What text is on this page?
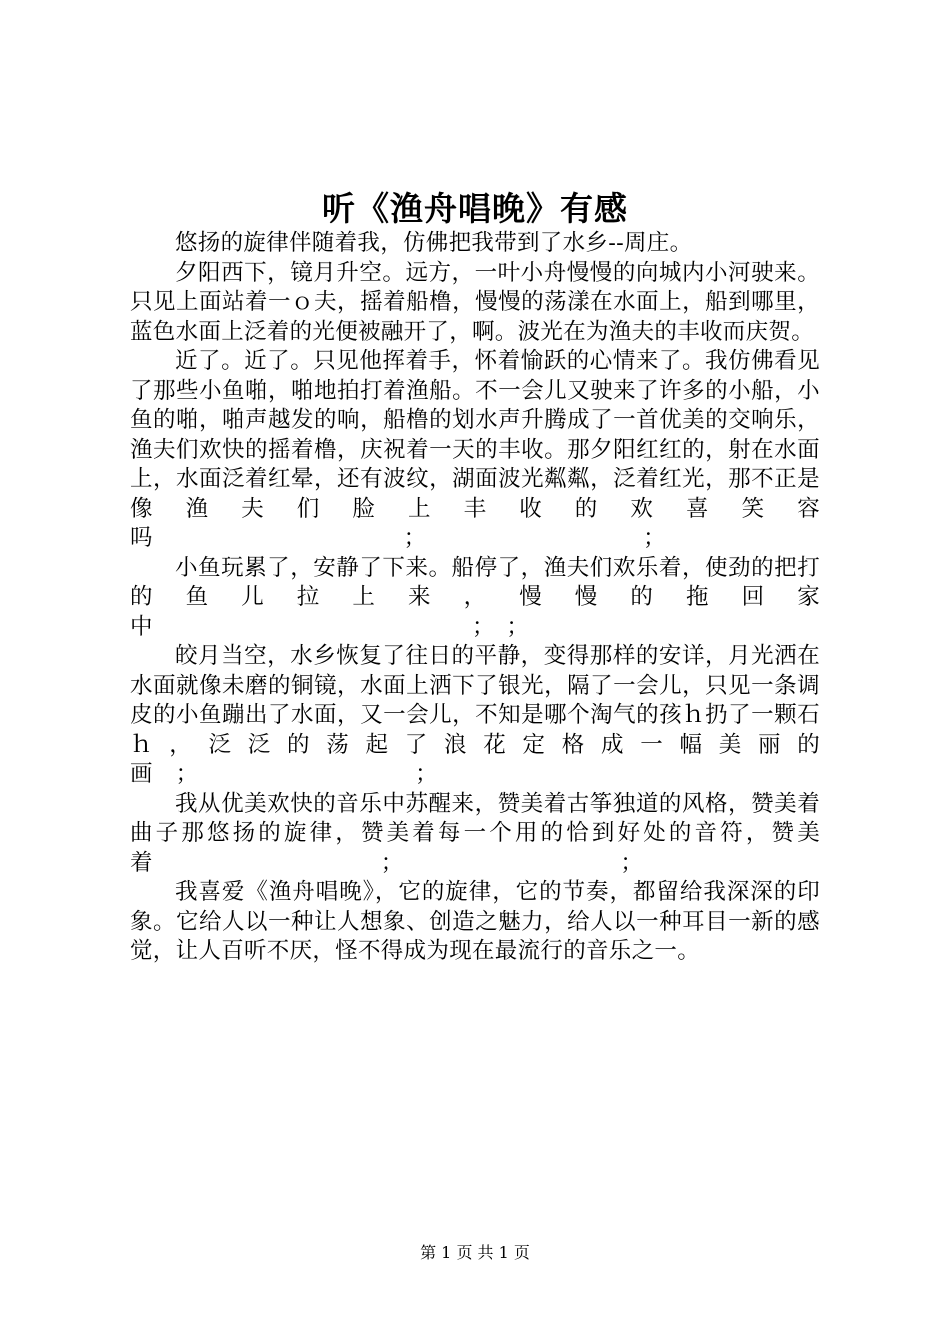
听《渔舟唱晚》有感

悠扬的旋律伴随着我，仿佛把我带到了水乡--周庄。

夕阳西下，镜月升空。远方，一叶小舟慢慢的向城内小河驶来。只见上面站着一ｏ夫，摇着船橹，慢慢的荡漾在水面上，船到哪里，蓝色水面上泛着的光便被融开了，啊。波光在为渔夫的丰收而庆贺。

近了。近了。只见他挥着手，怀着愉跃的心情来了。我仿佛看见了那些小鱼啪，啪地拍打着渔船。不一会儿又驶来了许多的小船，小鱼的啪，啪声越发的响，船橹的划水声升腾成了一首优美的交响乐，渔夫们欢快的摇着橹，庆祝着一天的丰收。那夕阳红红的，射在水面上，水面泛着红晕，还有波纹，湖面波光粼粼，泛着红光，那不正是像渔夫们脸上丰收的欢喜笑容吗　　　　　　　　　　　；　　　　　　　　　　；

小鱼玩累了，安静了下来。船停了，渔夫们欢乐着，使劲的把打的鱼儿拉上来，慢慢的拖回家中　　　　　　　　　　　　　　；　；

皎月当空，水乡恢复了往日的平静，变得那样的安详，月光洒在水面就像未磨的铜镜，水面上洒下了银光，隔了一会儿，只见一条调皮的小鱼蹦出了水面，又一会儿，不知是哪个淘气的孩ｈ扔了一颗石ｈ，泛泛的荡起了浪花定格成一幅美丽的画　；　　　　　　　　　　；

我从优美欢快的音乐中苏醒来，赞美着古筝独道的风格，赞美着曲子那悠扬的旋律，赞美着每一个用的恰到好处的音符，赞美着　　　　　　　　　　；　　　　　　　　　　；

我喜爱《渔舟唱晚》，它的旋律，它的节奏，都留给我深深的印象。它给人以一种让人想象、创造之魅力，给人以一种耳目一新的感觉，让人百听不厌，怪不得成为现在最流行的音乐之一。

第 1 页 共 1 页
